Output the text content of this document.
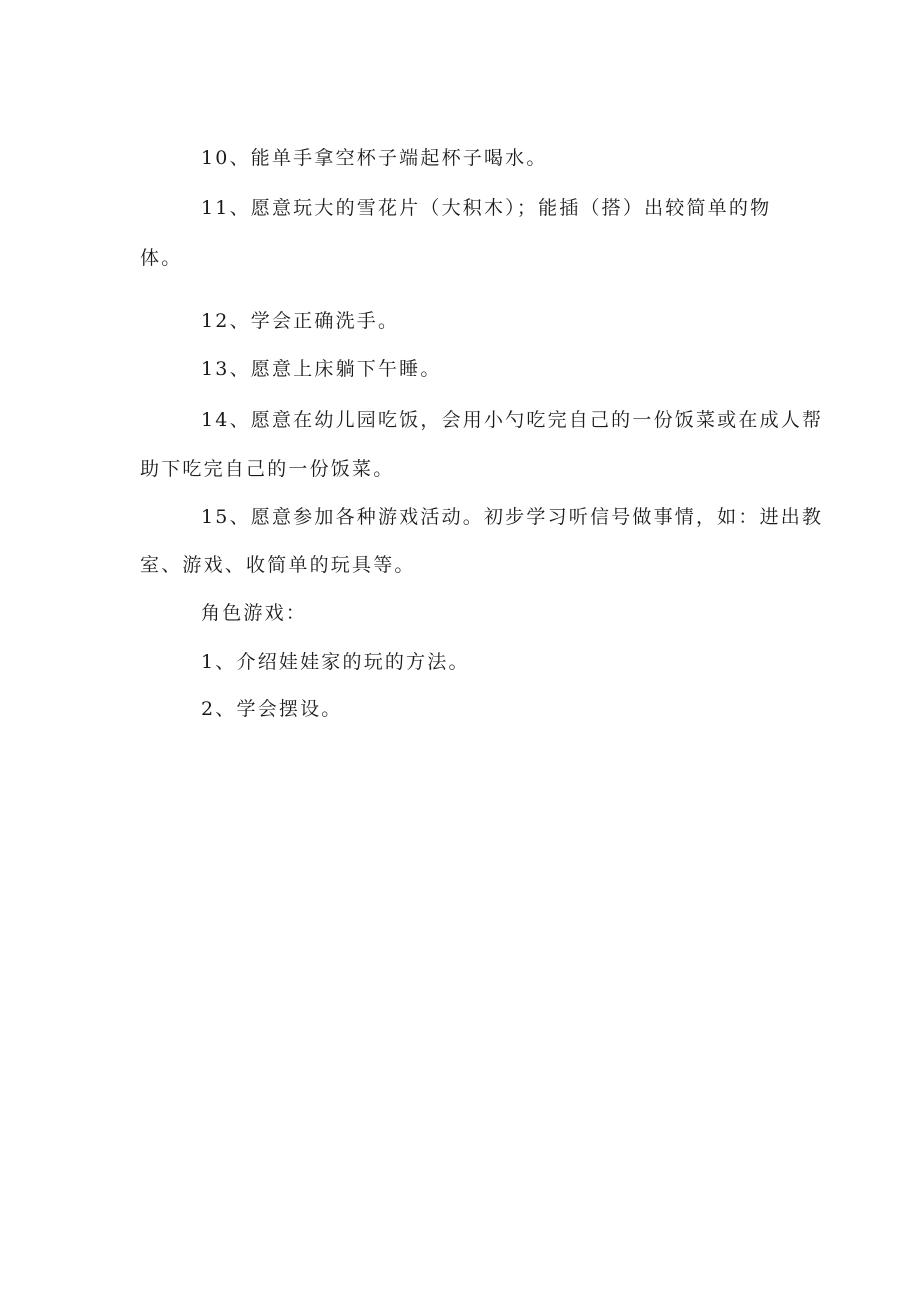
10、能单手拿空杯子端起杯子喝水。
11、愿意玩大的雪花片（大积木）；能插（搭）出较简单的物
体。
12、学会正确洗手。
13、愿意上床躺下午睡。
14、愿意在幼儿园吃饭，会用小勺吃完自己的一份饭菜或在成人帮
助下吃完自己的一份饭菜。
15、愿意参加各种游戏活动。初步学习听信号做事情，如：进出教
室、游戏、收简单的玩具等。
角色游戏：
1、介绍娃娃家的玩的方法。
2、学会摆设。
